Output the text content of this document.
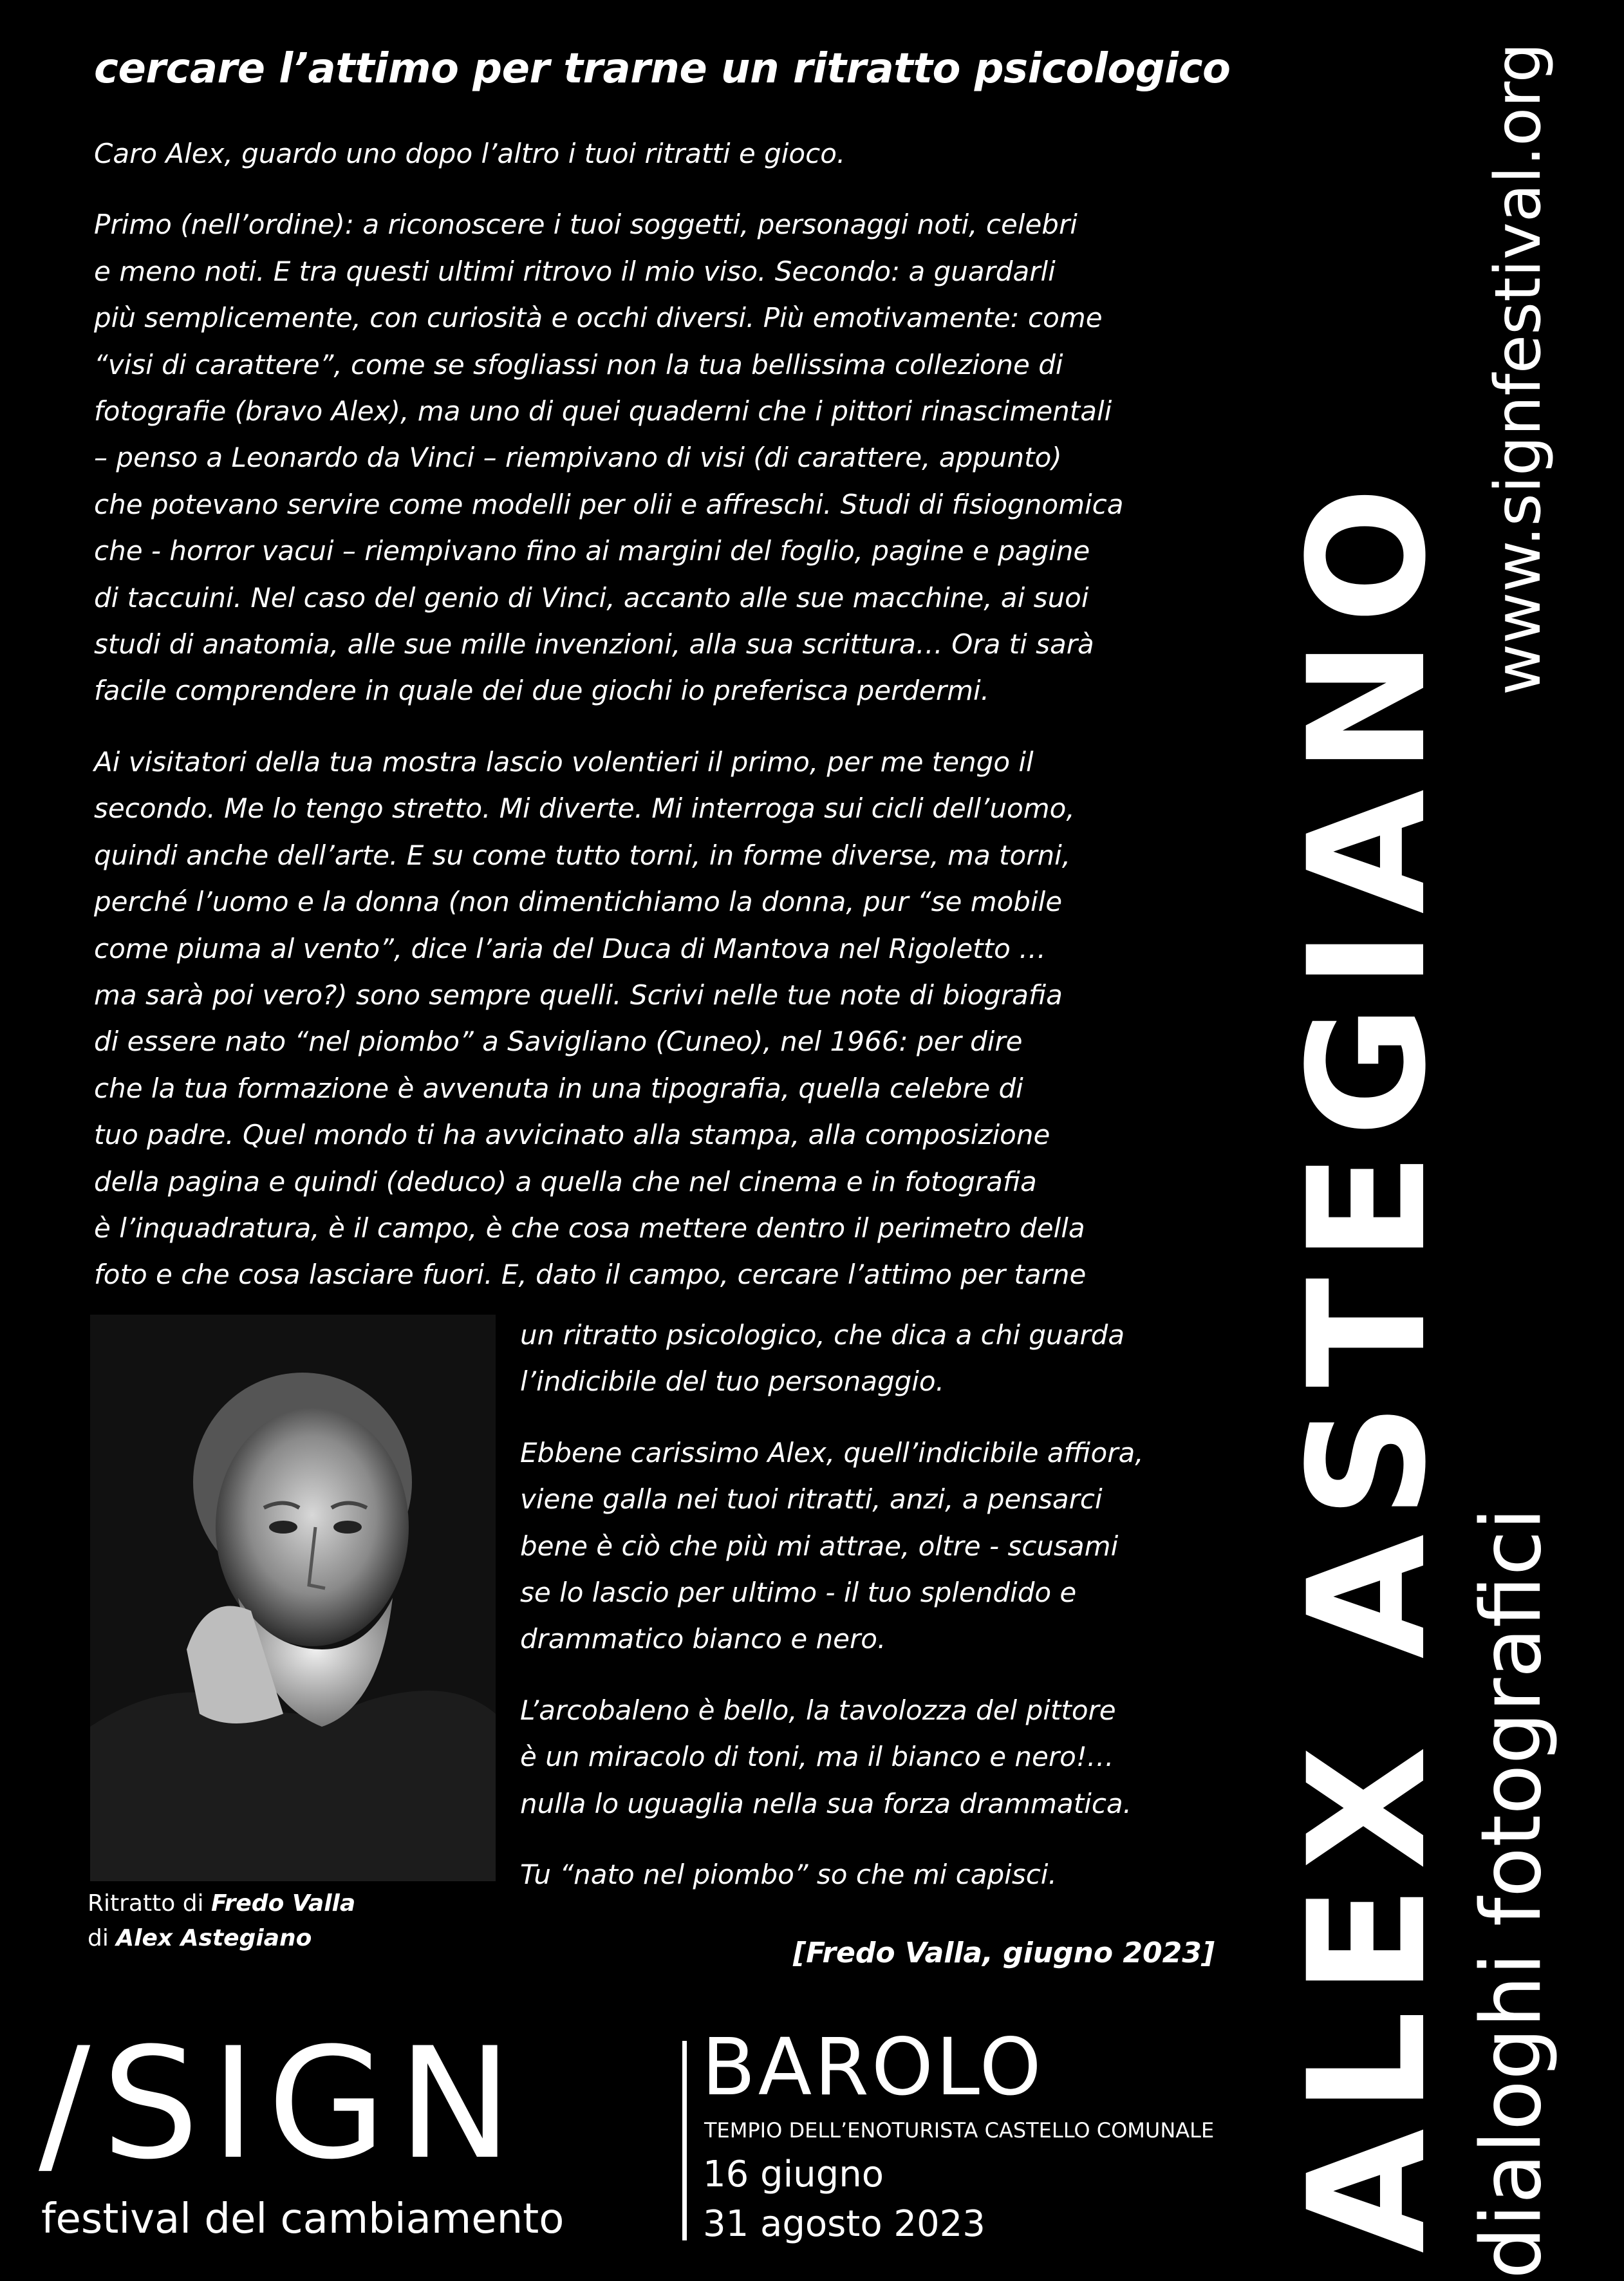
cercare l’attimo per trarne un ritratto psicologico
Caro Alex, guardo uno dopo l’altro i tuoi ritratti e gioco.
Primo (nell’ordine): a riconoscere i tuoi soggetti, personaggi noti, celebri
e meno noti. E tra questi ultimi ritrovo il mio viso. Secondo: a guardarli
più semplicemente, con curiosità e occhi diversi. Più emotivamente: come
“visi di carattere”, come se sfogliassi non la tua bellissima collezione di
fotografie (bravo Alex), ma uno di quei quaderni che i pittori rinascimentali
– penso a Leonardo da Vinci – riempivano di visi (di carattere, appunto)
che potevano servire come modelli per olii e affreschi. Studi di fisiognomica
che - horror vacui – riempivano fino ai margini del foglio, pagine e pagine
di taccuini. Nel caso del genio di Vinci, accanto alle sue macchine, ai suoi
studi di anatomia, alle sue mille invenzioni, alla sua scrittura… Ora ti sarà
facile comprendere in quale dei due giochi io preferisca perdermi.
Ai visitatori della tua mostra lascio volentieri il primo, per me tengo il
secondo. Me lo tengo stretto. Mi diverte. Mi interroga sui cicli dell’uomo,
quindi anche dell’arte. E su come tutto torni, in forme diverse, ma torni,
perché l’uomo e la donna (non dimentichiamo la donna, pur “se mobile
come piuma al vento”, dice l’aria del Duca di Mantova nel Rigoletto …
ma sarà poi vero?) sono sempre quelli. Scrivi nelle tue note di biografia
di essere nato “nel piombo” a Savigliano (Cuneo), nel 1966: per dire
che la tua formazione è avvenuta in una tipografia, quella celebre di
tuo padre. Quel mondo ti ha avvicinato alla stampa, alla composizione
della pagina e quindi (deduco) a quella che nel cinema e in fotografia
è l’inquadratura, è il campo, è che cosa mettere dentro il perimetro della
foto e che cosa lasciare fuori. E, dato il campo, cercare l’attimo per tarne
un ritratto psicologico, che dica a chi guarda
l’indicibile del tuo personaggio.
Ebbene carissimo Alex, quell’indicibile affiora,
viene galla nei tuoi ritratti, anzi, a pensarci
bene è ciò che più mi attrae, oltre - scusami
se lo lascio per ultimo - il tuo splendido e
drammatico bianco e nero.
L’arcobaleno è bello, la tavolozza del pittore
è un miracolo di toni, ma il bianco e nero!…
nulla lo uguaglia nella sua forza drammatica.
Tu “nato nel piombo” so che mi capisci.
[Fredo Valla, giugno 2023]
Ritratto di Fredo Valla
di Alex Astegiano
/SIGN
festival del cambiamento
BAROLO
TEMPIO DELL’ENOTURISTA CASTELLO COMUNALE
16 giugno
31 agosto 2023 ALEX ASTEGIANO dialoghi fotografici
www.signfestival.org
